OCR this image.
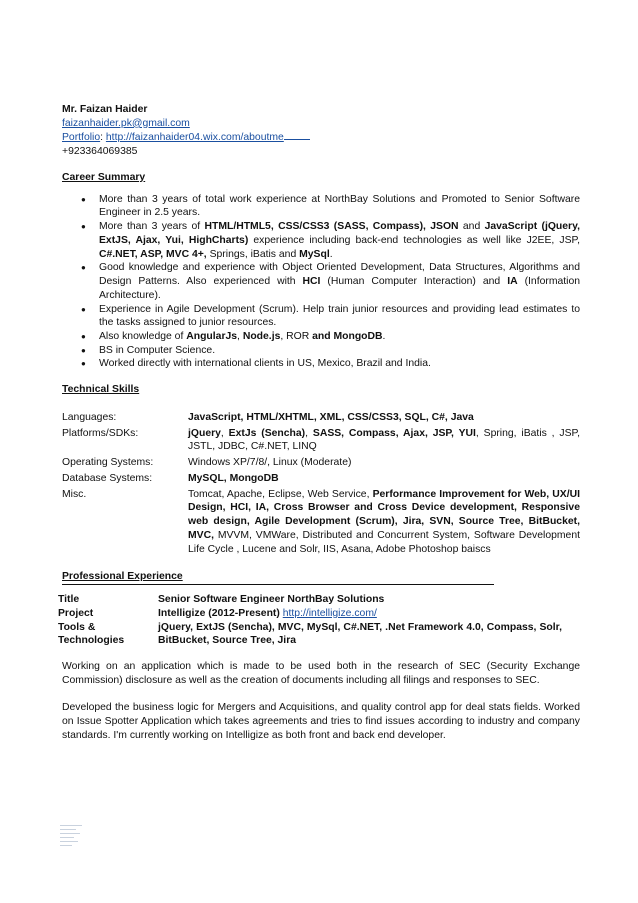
Mr. Faizan Haider
faizanhaider.pk@gmail.com
Portfolio: http://faizanhaider04.wix.com/aboutme
+923364069385
Career Summary
● More than 3 years of total work experience at NorthBay Solutions and Promoted to Senior Software Engineer in 2.5 years.
● More than 3 years of HTML/HTML5, CSS/CSS3 (SASS, Compass), JSON and JavaScript (jQuery, ExtJS, Ajax, Yui, HighCharts) experience including back-end technologies as well like J2EE, JSP, C#.NET, ASP, MVC 4+, Springs, iBatis and MySql.
● Good knowledge and experience with Object Oriented Development, Data Structures, Algorithms and Design Patterns. Also experienced with HCI (Human Computer Interaction) and IA (Information Architecture).
● Experience in Agile Development (Scrum). Help train junior resources and providing lead estimates to the tasks assigned to junior resources.
● Also knowledge of AngularJs, Node.js, ROR and MongoDB.
● BS in Computer Science.
● Worked directly with international clients in US, Mexico, Brazil and India.
Technical Skills
Languages:	JavaScript, HTML/XHTML, XML, CSS/CSS3, SQL, C#, Java
Platforms/SDKs:	jQuery, ExtJs (Sencha), SASS, Compass, Ajax, JSP, YUI, Spring, iBatis , JSP, JSTL, JDBC, C#.NET, LINQ
Operating Systems:	Windows XP/7/8/, Linux (Moderate)
Database Systems:	MySQL, MongoDB
Misc.	Tomcat, Apache, Eclipse, Web Service, Performance Improvement for Web, UX/UI Design, HCI, IA, Cross Browser and Cross Device development, Responsive web design, Agile Development (Scrum), Jira, SVN, Source Tree, BitBucket, MVC, MVVM, VMWare, Distributed and Concurrent System, Software Development Life Cycle , Lucene and Solr, IIS, Asana, Adobe Photoshop baiscs
Professional Experience
Title	Senior Software Engineer NorthBay Solutions
Project	Intelligize (2012-Present) http://intelligize.com/
Tools & Technologies	jQuery, ExtJS (Sencha), MVC, MySql, C#.NET, .Net Framework 4.0, Compass, Solr, BitBucket, Source Tree, Jira

Working on an application which is made to be used both in the research of SEC (Security Exchange Commission) disclosure as well as the creation of documents including all filings and responses to SEC.

Developed the business logic for Mergers and Acquisitions, and quality control app for deal stats fields. Worked on Issue Spotter Application which takes agreements and tries to find issues according to industry and company standards. I'm currently working on Intelligize as both front and back end developer.
